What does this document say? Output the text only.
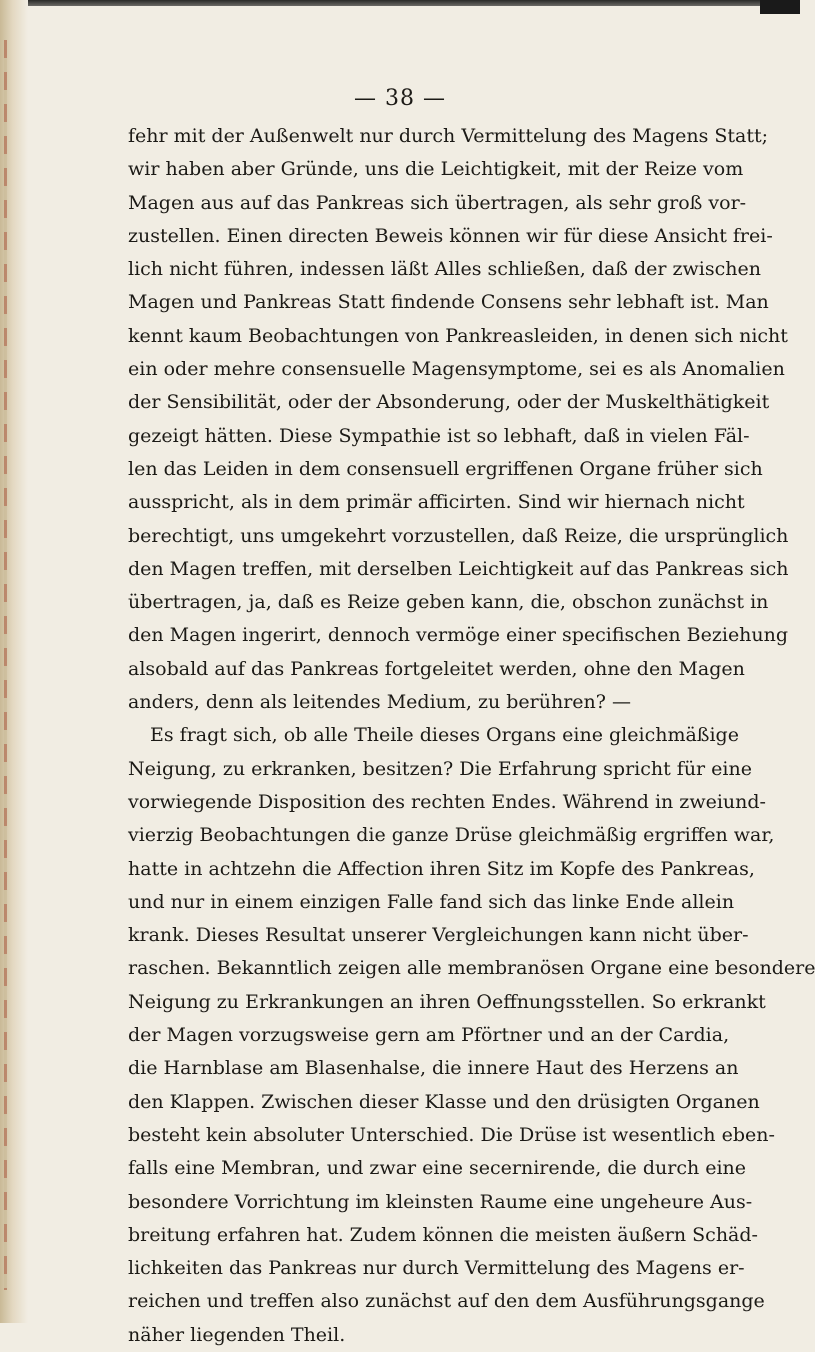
— 38 —
fehr mit der Außenwelt nur durch Vermittelung des Magens Statt;
wir haben aber Gründe, uns die Leichtigkeit, mit der Reize vom
Magen aus auf das Pankreas sich übertragen, als sehr groß vor-
zustellen. Einen directen Beweis können wir für diese Ansicht frei-
lich nicht führen, indessen läßt Alles schließen, daß der zwischen
Magen und Pankreas Statt findende Consens sehr lebhaft ist. Man
kennt kaum Beobachtungen von Pankreasleiden, in denen sich nicht
ein oder mehre consensuelle Magensymptome, sei es als Anomalien
der Sensibilität, oder der Absonderung, oder der Muskelthätigkeit
gezeigt hätten. Diese Sympathie ist so lebhaft, daß in vielen Fäl-
len das Leiden in dem consensuell ergriffenen Organe früher sich
ausspricht, als in dem primär afficirten. Sind wir hiernach nicht
berechtigt, uns umgekehrt vorzustellen, daß Reize, die ursprünglich
den Magen treffen, mit derselben Leichtigkeit auf das Pankreas sich
übertragen, ja, daß es Reize geben kann, die, obschon zunächst in
den Magen ingerirt, dennoch vermöge einer specifischen Beziehung
alsobald auf das Pankreas fortgeleitet werden, ohne den Magen
anders, denn als leitendes Medium, zu berühren? —
Es fragt sich, ob alle Theile dieses Organs eine gleichmäßige
Neigung, zu erkranken, besitzen? Die Erfahrung spricht für eine
vorwiegende Disposition des rechten Endes. Während in zweiund-
vierzig Beobachtungen die ganze Drüse gleichmäßig ergriffen war,
hatte in achtzehn die Affection ihren Sitz im Kopfe des Pankreas,
und nur in einem einzigen Falle fand sich das linke Ende allein
krank. Dieses Resultat unserer Vergleichungen kann nicht über-
raschen. Bekanntlich zeigen alle membranösen Organe eine besondere
Neigung zu Erkrankungen an ihren Oeffnungsstellen. So erkrankt
der Magen vorzugsweise gern am Pförtner und an der Cardia,
die Harnblase am Blasenhalse, die innere Haut des Herzens an
den Klappen. Zwischen dieser Klasse und den drüsigten Organen
besteht kein absoluter Unterschied. Die Drüse ist wesentlich eben-
falls eine Membran, und zwar eine secernirende, die durch eine
besondere Vorrichtung im kleinsten Raume eine ungeheure Aus-
breitung erfahren hat. Zudem können die meisten äußern Schäd-
lichkeiten das Pankreas nur durch Vermittelung des Magens er-
reichen und treffen also zunächst auf den dem Ausführungsgange
näher liegenden Theil.
